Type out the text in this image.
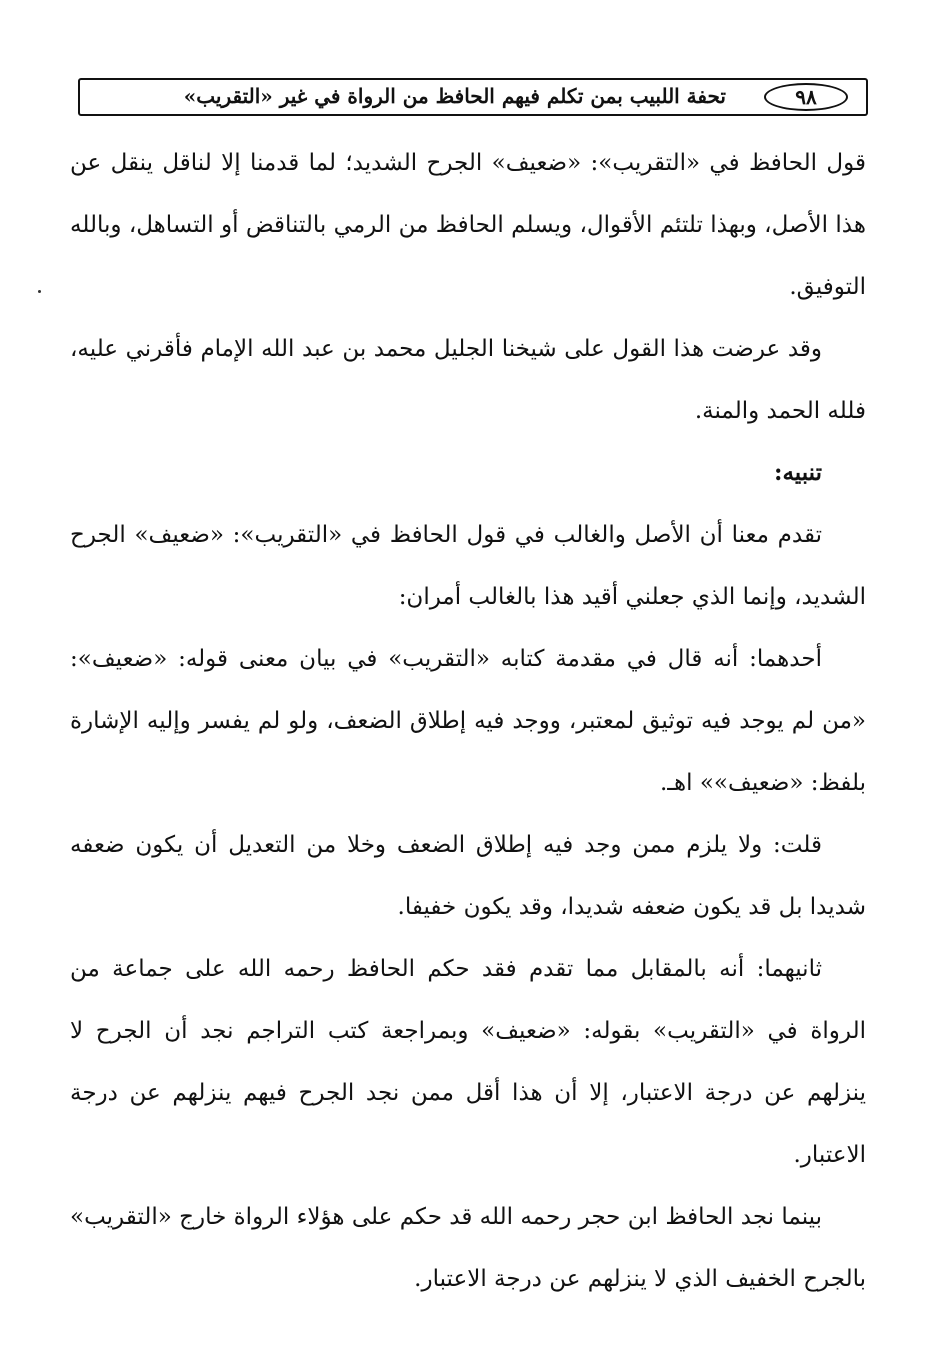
تحفة اللبيب بمن تكلم فيهم الحافظ من الرواة في غير «التقريب»	٩٨

قول الحافظ في «التقريب»: «ضعيف» الجرح الشديد؛ لما قدمنا إلا لناقل ينقل عن هذا الأصل، وبهذا تلتئم الأقوال، ويسلم الحافظ من الرمي بالتناقض أو التساهل، وبالله التوفيق.

وقد عرضت هذا القول على شيخنا الجليل محمد بن عبد الله الإمام فأقرني عليه، فلله الحمد والمنة.

تنبيه:

تقدم معنا أن الأصل والغالب في قول الحافظ في «التقريب»: «ضعيف» الجرح الشديد، وإنما الذي جعلني أقيد هذا بالغالب أمران:

أحدهما: أنه قال في مقدمة كتابه «التقريب» في بيان معنى قوله: «ضعيف»: «من لم يوجد فيه توثيق لمعتبر، ووجد فيه إطلاق الضعف، ولو لم يفسر وإليه الإشارة بلفظ: «ضعيف»» اهـ.

قلت: ولا يلزم ممن وجد فيه إطلاق الضعف وخلا من التعديل أن يكون ضعفه شديدا بل قد يكون ضعفه شديدا، وقد يكون خفيفا.

ثانيهما: أنه بالمقابل مما تقدم فقد حكم الحافظ رحمه الله على جماعة من الرواة في «التقريب» بقوله: «ضعيف» وبمراجعة كتب التراجم نجد أن الجرح لا ينزلهم عن درجة الاعتبار، إلا أن هذا أقل ممن نجد الجرح فيهم ينزلهم عن درجة الاعتبار.

بينما نجد الحافظ ابن حجر رحمه الله قد حكم على هؤلاء الرواة خارج «التقريب» بالجرح الخفيف الذي لا ينزلهم عن درجة الاعتبار.
